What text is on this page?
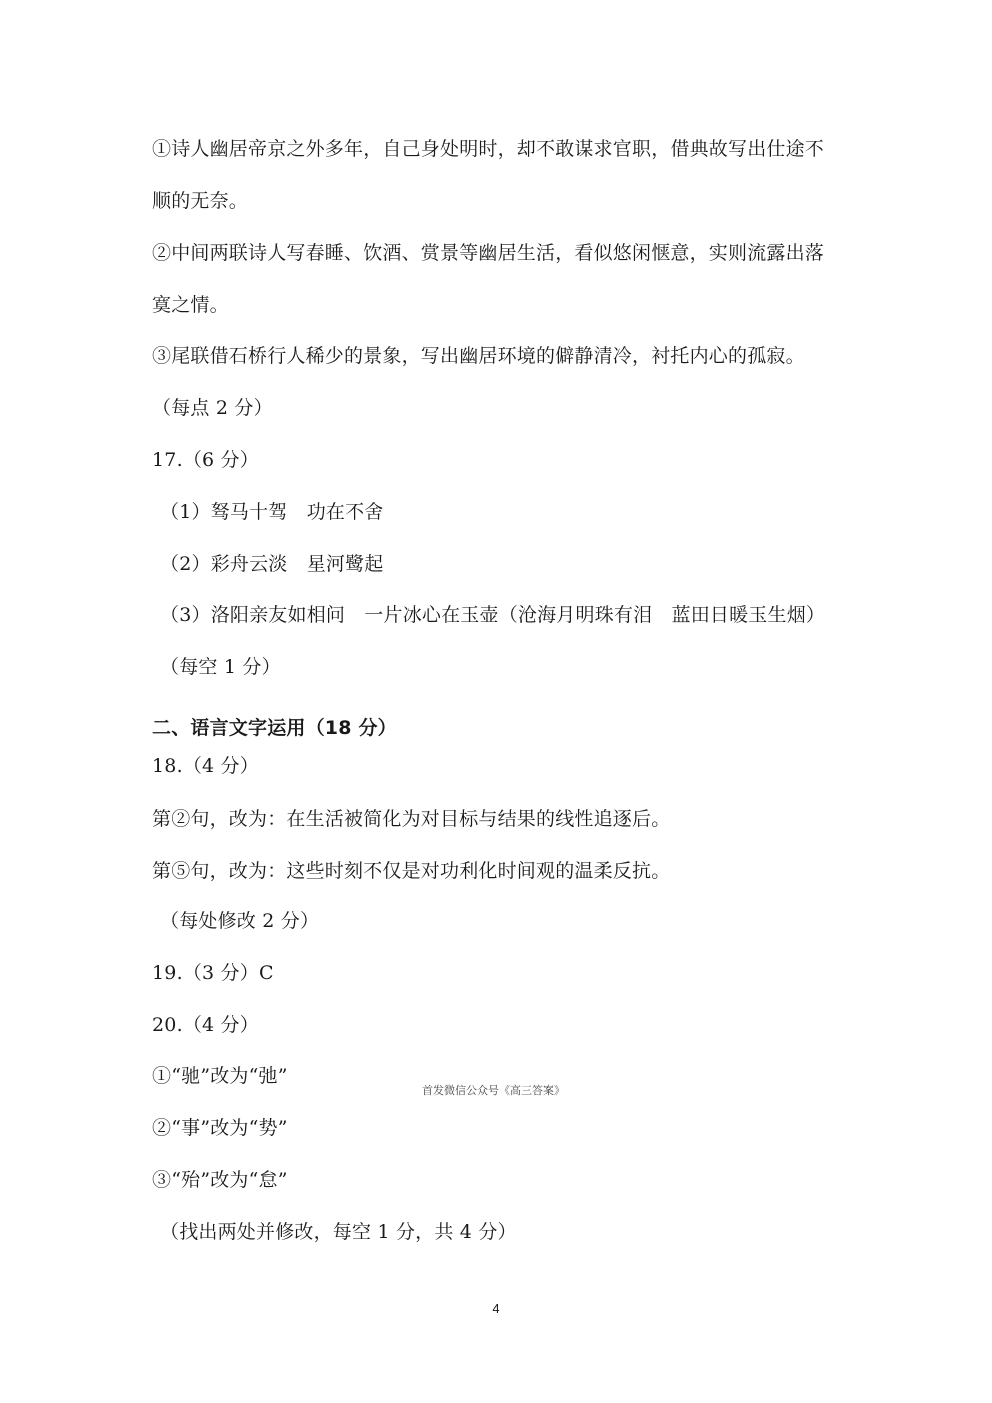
①诗人幽居帝京之外多年，自己身处明时，却不敢谋求官职，借典故写出仕途不
顺的无奈。
②中间两联诗人写春睡、饮酒、赏景等幽居生活，看似悠闲惬意，实则流露出落
寞之情。
③尾联借石桥行人稀少的景象，写出幽居环境的僻静清冷，衬托内心的孤寂。
（每点 2 分）
17.（6 分）
（1）驽马十驾　功在不舍
（2）彩舟云淡　星河鹭起
（3）洛阳亲友如相问　一片冰心在玉壶（沧海月明珠有泪　蓝田日暖玉生烟）
（每空 1 分）
二、语言文字运用（18 分）
18.（4 分）
第②句，改为：在生活被简化为对目标与结果的线性追逐后。
第⑤句，改为：这些时刻不仅是对功利化时间观的温柔反抗。
（每处修改 2 分）
19.（3 分）C
20.（4 分）
①“驰”改为“弛”
②“事”改为“势”
③“殆”改为“怠”
（找出两处并修改，每空 1 分，共 4 分）
首发微信公众号《高三答案》
4
